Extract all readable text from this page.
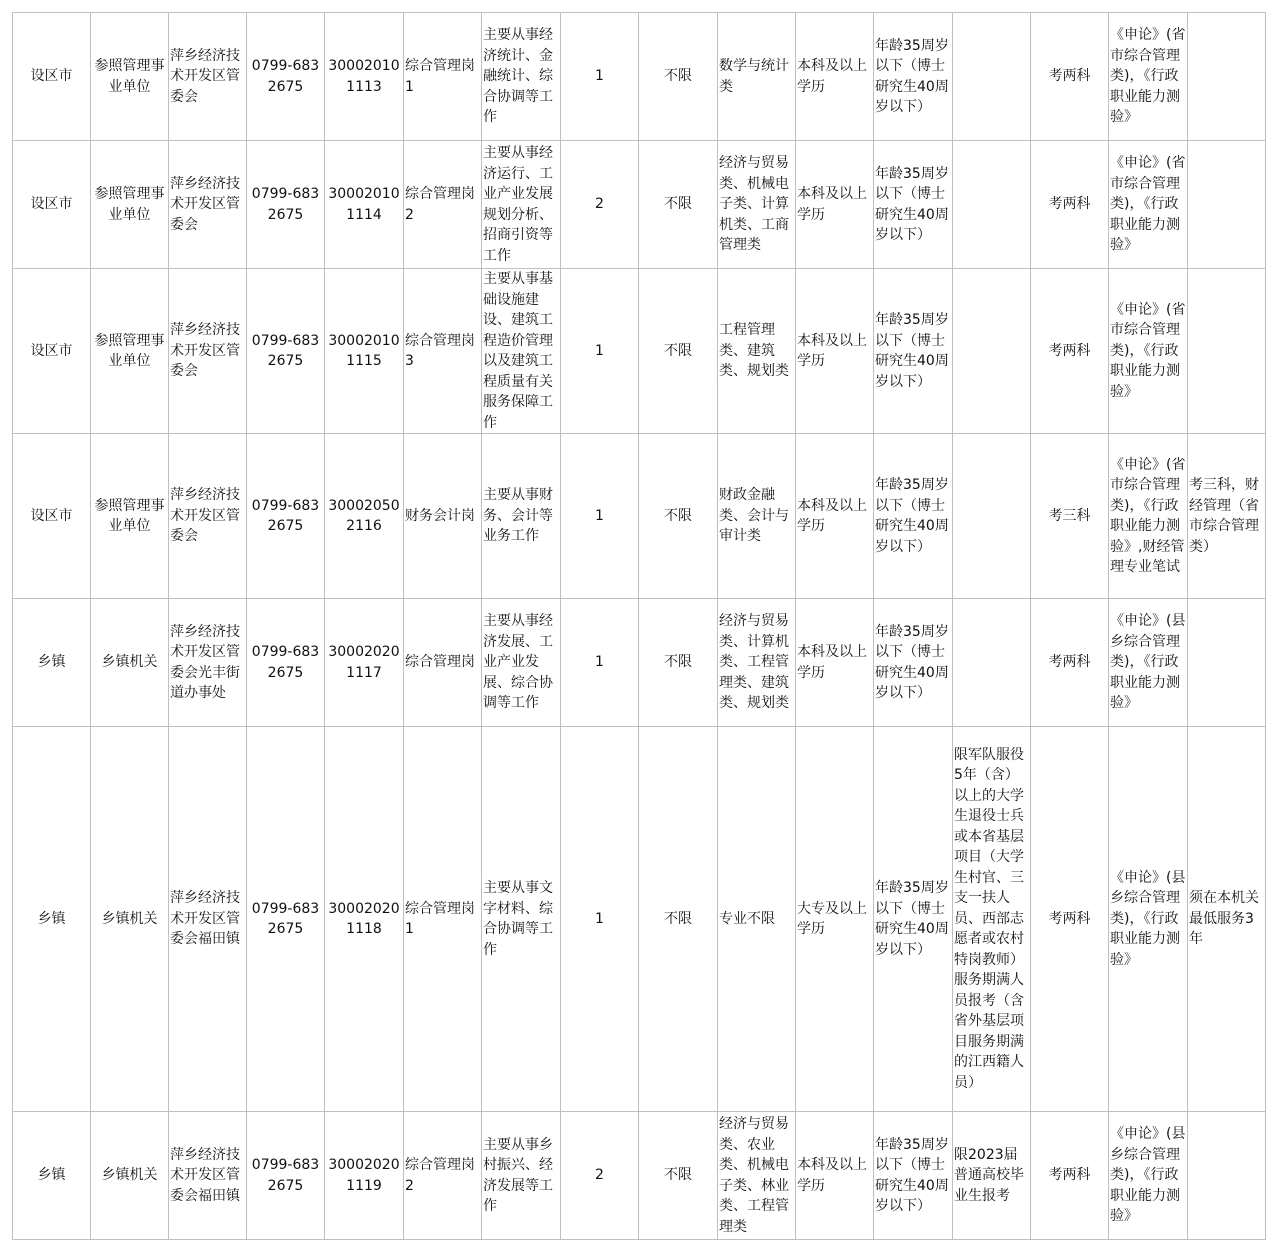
设区市	参照管理事业单位	萍乡经济技术开发区管委会	0799-6832675	300020101113	综合管理岗1	主要从事经济统计、金融统计、综合协调等工作	1	不限	数学与统计类	本科及以上学历	年龄35周岁以下（博士研究生40周岁以下）		考两科	《申论》(省市综合管理类)，《行政职业能力测验》	
设区市	参照管理事业单位	萍乡经济技术开发区管委会	0799-6832675	300020101114	综合管理岗2	主要从事经济运行、工业产业发展规划分析、招商引资等工作	2	不限	经济与贸易类、机械电子类、计算机类、工商管理类	本科及以上学历	年龄35周岁以下（博士研究生40周岁以下）		考两科	《申论》(省市综合管理类)，《行政职业能力测验》	
设区市	参照管理事业单位	萍乡经济技术开发区管委会	0799-6832675	300020101115	综合管理岗3	主要从事基础设施建设、建筑工程造价管理以及建筑工程质量有关服务保障工作	1	不限	工程管理类、建筑类、规划类	本科及以上学历	年龄35周岁以下（博士研究生40周岁以下）		考两科	《申论》(省市综合管理类)，《行政职业能力测验》	
设区市	参照管理事业单位	萍乡经济技术开发区管委会	0799-6832675	300020502116	财务会计岗	主要从事财务、会计等业务工作	1	不限	财政金融类、会计与审计类	本科及以上学历	年龄35周岁以下（博士研究生40周岁以下）		考三科	《申论》(省市综合管理类)，《行政职业能力测验》,财经管理专业笔试	考三科，财经管理（省市综合管理类）
乡镇	乡镇机关	萍乡经济技术开发区管委会光丰街道办事处	0799-6832675	300020201117	综合管理岗	主要从事经济发展、工业产业发展、综合协调等工作	1	不限	经济与贸易类、计算机类、工程管理类、建筑类、规划类	本科及以上学历	年龄35周岁以下（博士研究生40周岁以下）		考两科	《申论》(县乡综合管理类)，《行政职业能力测验》	
乡镇	乡镇机关	萍乡经济技术开发区管委会福田镇	0799-6832675	300020201118	综合管理岗1	主要从事文字材料、综合协调等工作	1	不限	专业不限	大专及以上学历	年龄35周岁以下（博士研究生40周岁以下）	限军队服役5年（含）以上的大学生退役士兵或本省基层项目（大学生村官、三支一扶人员、西部志愿者或农村特岗教师）服务期满人员报考（含省外基层项目服务期满的江西籍人员）	考两科	《申论》(县乡综合管理类)，《行政职业能力测验》	须在本机关最低服务3年
乡镇	乡镇机关	萍乡经济技术开发区管委会福田镇	0799-6832675	300020201119	综合管理岗2	主要从事乡村振兴、经济发展等工作	2	不限	经济与贸易类、农业类、机械电子类、林业类、工程管理类	本科及以上学历	年龄35周岁以下（博士研究生40周岁以下）	限2023届普通高校毕业生报考	考两科	《申论》(县乡综合管理类)，《行政职业能力测验》	
